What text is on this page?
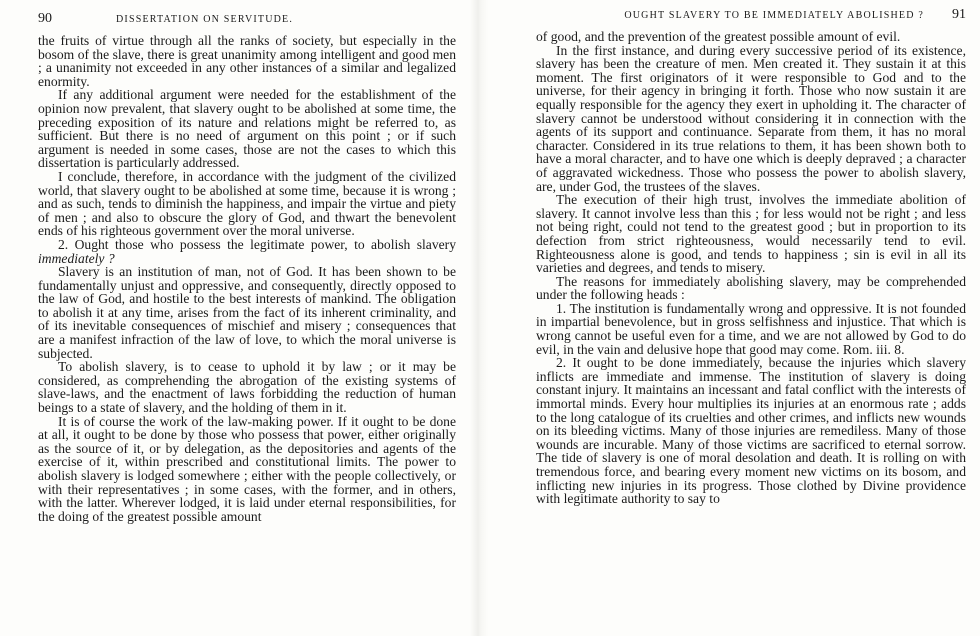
90	DISSERTATION ON SERVITUDE.

the fruits of virtue through all the ranks of society, but especially in the bosom of the slave, there is great unanimity among intelligent and good men ; a unanimity not exceeded in any other instances of a similar and legalized enormity.

If any additional argument were needed for the establishment of the opinion now prevalent, that slavery ought to be abolished at some time, the preceding exposition of its nature and relations might be referred to, as sufficient. But there is no need of argument on this point ; or if such argument is needed in some cases, those are not the cases to which this dissertation is particularly addressed.

I conclude, therefore, in accordance with the judgment of the civilized world, that slavery ought to be abolished at some time, because it is wrong ; and as such, tends to diminish the happiness, and impair the virtue and piety of men ; and also to obscure the glory of God, and thwart the benevolent ends of his righteous government over the moral universe.

2. Ought those who possess the legitimate power, to abolish slavery immediately ?

Slavery is an institution of man, not of God. It has been shown to be fundamentally unjust and oppressive, and consequently, directly opposed to the law of God, and hostile to the best interests of mankind. The obligation to abolish it at any time, arises from the fact of its inherent criminality, and of its inevitable consequences of mischief and misery ; consequences that are a manifest infraction of the law of love, to which the moral universe is subjected.

To abolish slavery, is to cease to uphold it by law ; or it may be considered, as comprehending the abrogation of the existing systems of slave-laws, and the enactment of laws forbidding the reduction of human beings to a state of slavery, and the holding of them in it.

It is of course the work of the law-making power. If it ought to be done at all, it ought to be done by those who possess that power, either originally as the source of it, or by delegation, as the depositories and agents of the exercise of it, within prescribed and constitutional limits. The power to abolish slavery is lodged somewhere ; either with the people collectively, or with their representatives ; in some cases, with the former, and in others, with the latter. Wherever lodged, it is laid under eternal responsibilities, for the doing of the greatest possible amount

OUGHT SLAVERY TO BE IMMEDIATELY ABOLISHED ?	91

of good, and the prevention of the greatest possible amount of evil.

In the first instance, and during every successive period of its existence, slavery has been the creature of men. Men created it. They sustain it at this moment. The first originators of it were responsible to God and to the universe, for their agency in bringing it forth. Those who now sustain it are equally responsible for the agency they exert in upholding it. The character of slavery cannot be understood without considering it in connection with the agents of its support and continuance. Separate from them, it has no moral character. Considered in its true relations to them, it has been shown both to have a moral character, and to have one which is deeply depraved ; a character of aggravated wickedness. Those who possess the power to abolish slavery, are, under God, the trustees of the slaves.

The execution of their high trust, involves the immediate abolition of slavery. It cannot involve less than this ; for less would not be right ; and less not being right, could not tend to the greatest good ; but in proportion to its defection from strict righteousness, would necessarily tend to evil. Righteousness alone is good, and tends to happiness ; sin is evil in all its varieties and degrees, and tends to misery.

The reasons for immediately abolishing slavery, may be comprehended under the following heads :

1. The institution is fundamentally wrong and oppressive. It is not founded in impartial benevolence, but in gross selfishness and injustice. That which is wrong cannot be useful even for a time, and we are not allowed by God to do evil, in the vain and delusive hope that good may come. Rom. iii. 8.

2. It ought to be done immediately, because the injuries which slavery inflicts are immediate and immense. The institution of slavery is doing constant injury. It maintains an incessant and fatal conflict with the interests of immortal minds. Every hour multiplies its injuries at an enormous rate ; adds to the long catalogue of its cruelties and other crimes, and inflicts new wounds on its bleeding victims. Many of those injuries are remediless. Many of those wounds are incurable. Many of those victims are sacrificed to eternal sorrow. The tide of slavery is one of moral desolation and death. It is rolling on with tremendous force, and bearing every moment new victims on its bosom, and inflicting new injuries in its progress. Those clothed by Divine providence with legitimate authority to say to
